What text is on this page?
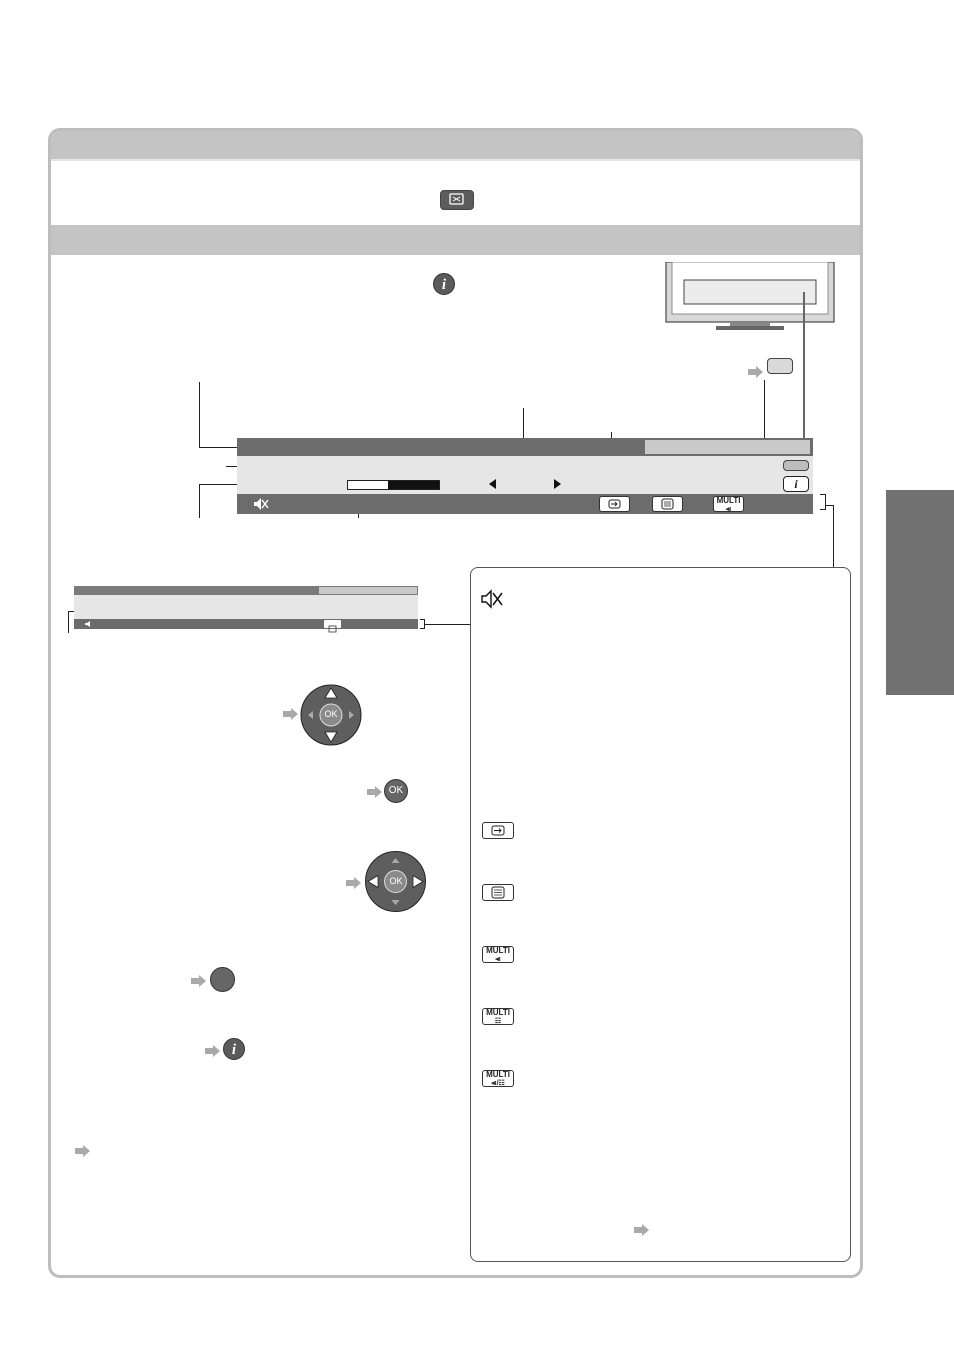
i
i
MULTI
◂ı
OK
OK
OK
i
MULTI
◂ı
MULTI
☷
MULTI
◂ı/☷
